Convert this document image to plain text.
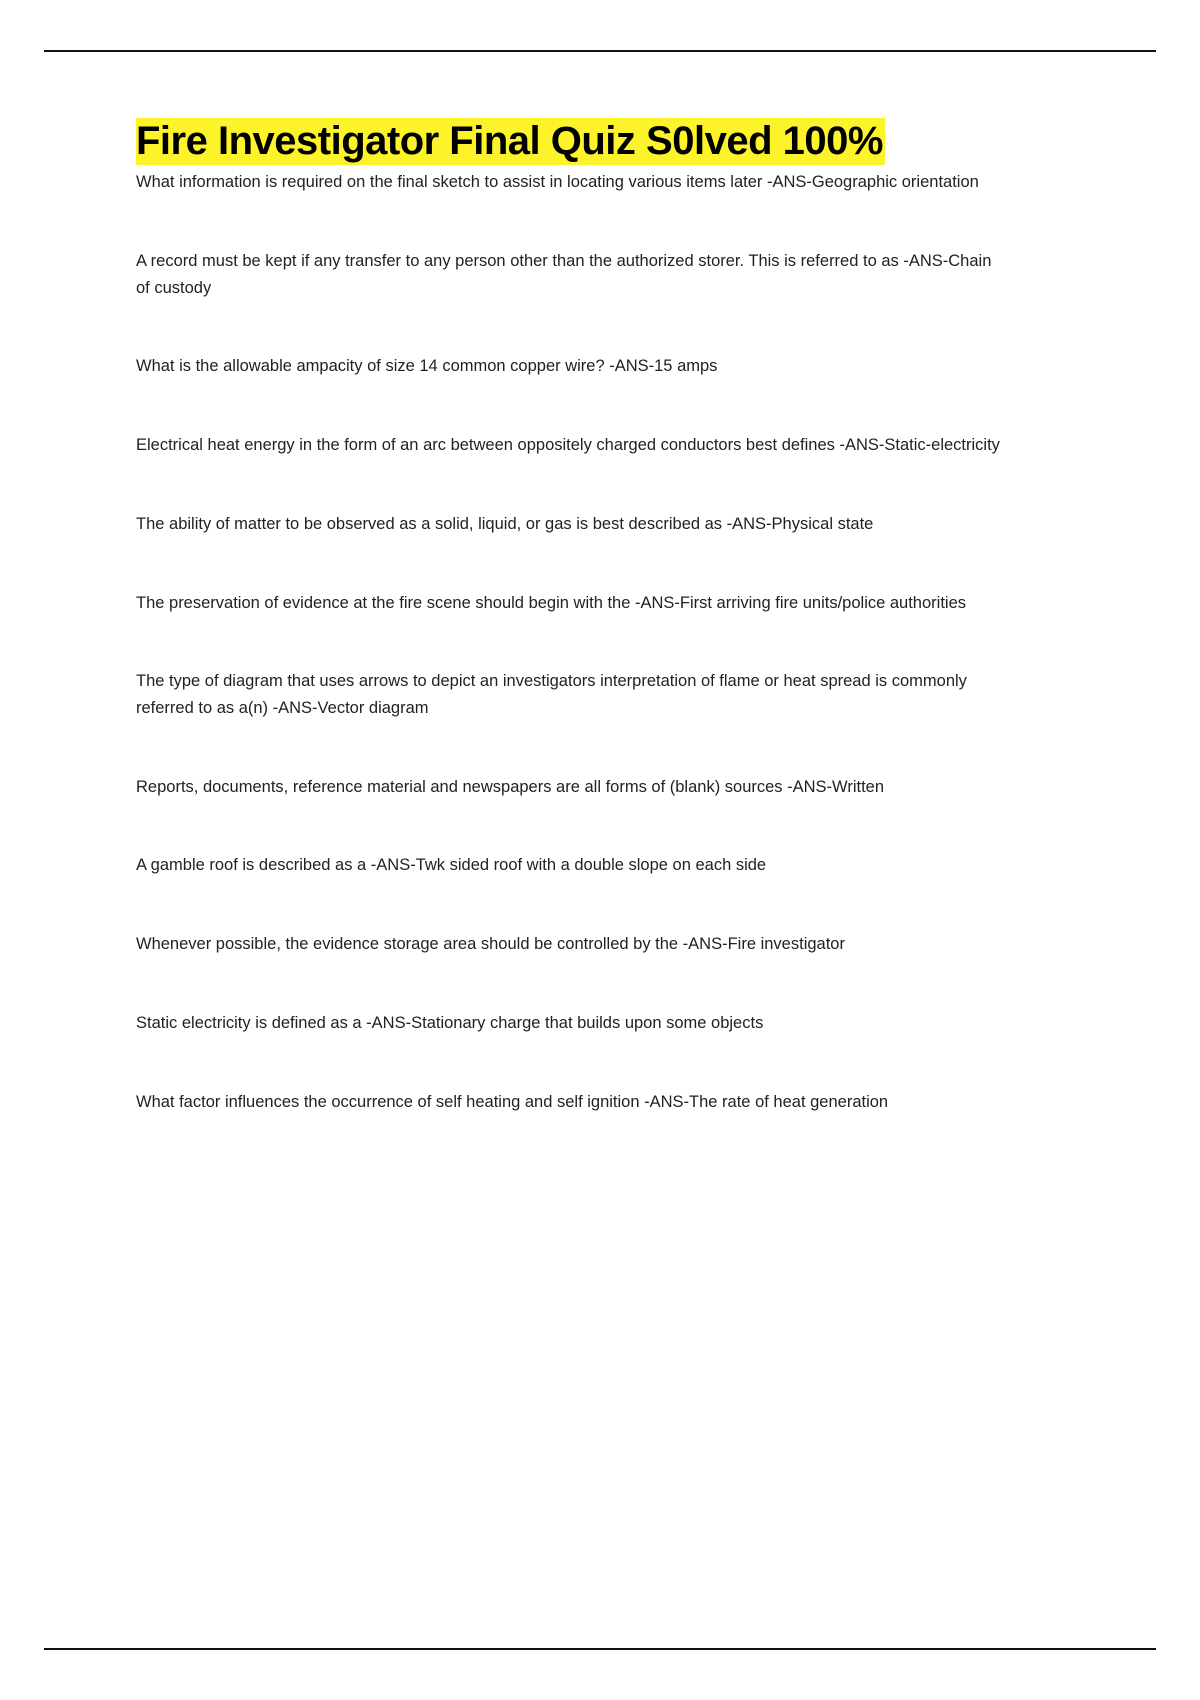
Fire Investigator Final Quiz S0lved 100%
What information is required on the final sketch to assist in locating various items later -ANS-Geographic orientation
A record must be kept if any transfer to any person other than the authorized storer. This is referred to as -ANS-Chain of custody
What is the allowable ampacity of size 14 common copper wire? -ANS-15 amps
Electrical heat energy in the form of an arc between oppositely charged conductors best defines -ANS-Static-electricity
The ability of matter to be observed as a solid, liquid, or gas is best described as -ANS-Physical state
The preservation of evidence at the fire scene should begin with the -ANS-First arriving fire units/police authorities
The type of diagram that uses arrows to depict an investigators interpretation of flame or heat spread is commonly referred to as a(n) -ANS-Vector diagram
Reports, documents, reference material and newspapers are all forms of (blank) sources -ANS-Written
A gamble roof is described as a -ANS-Twk sided roof with a double slope on each side
Whenever possible, the evidence storage area should be controlled by the -ANS-Fire investigator
Static electricity is defined as a -ANS-Stationary charge that builds upon some objects
What factor influences the occurrence of self heating and self ignition -ANS-The rate of heat generation
